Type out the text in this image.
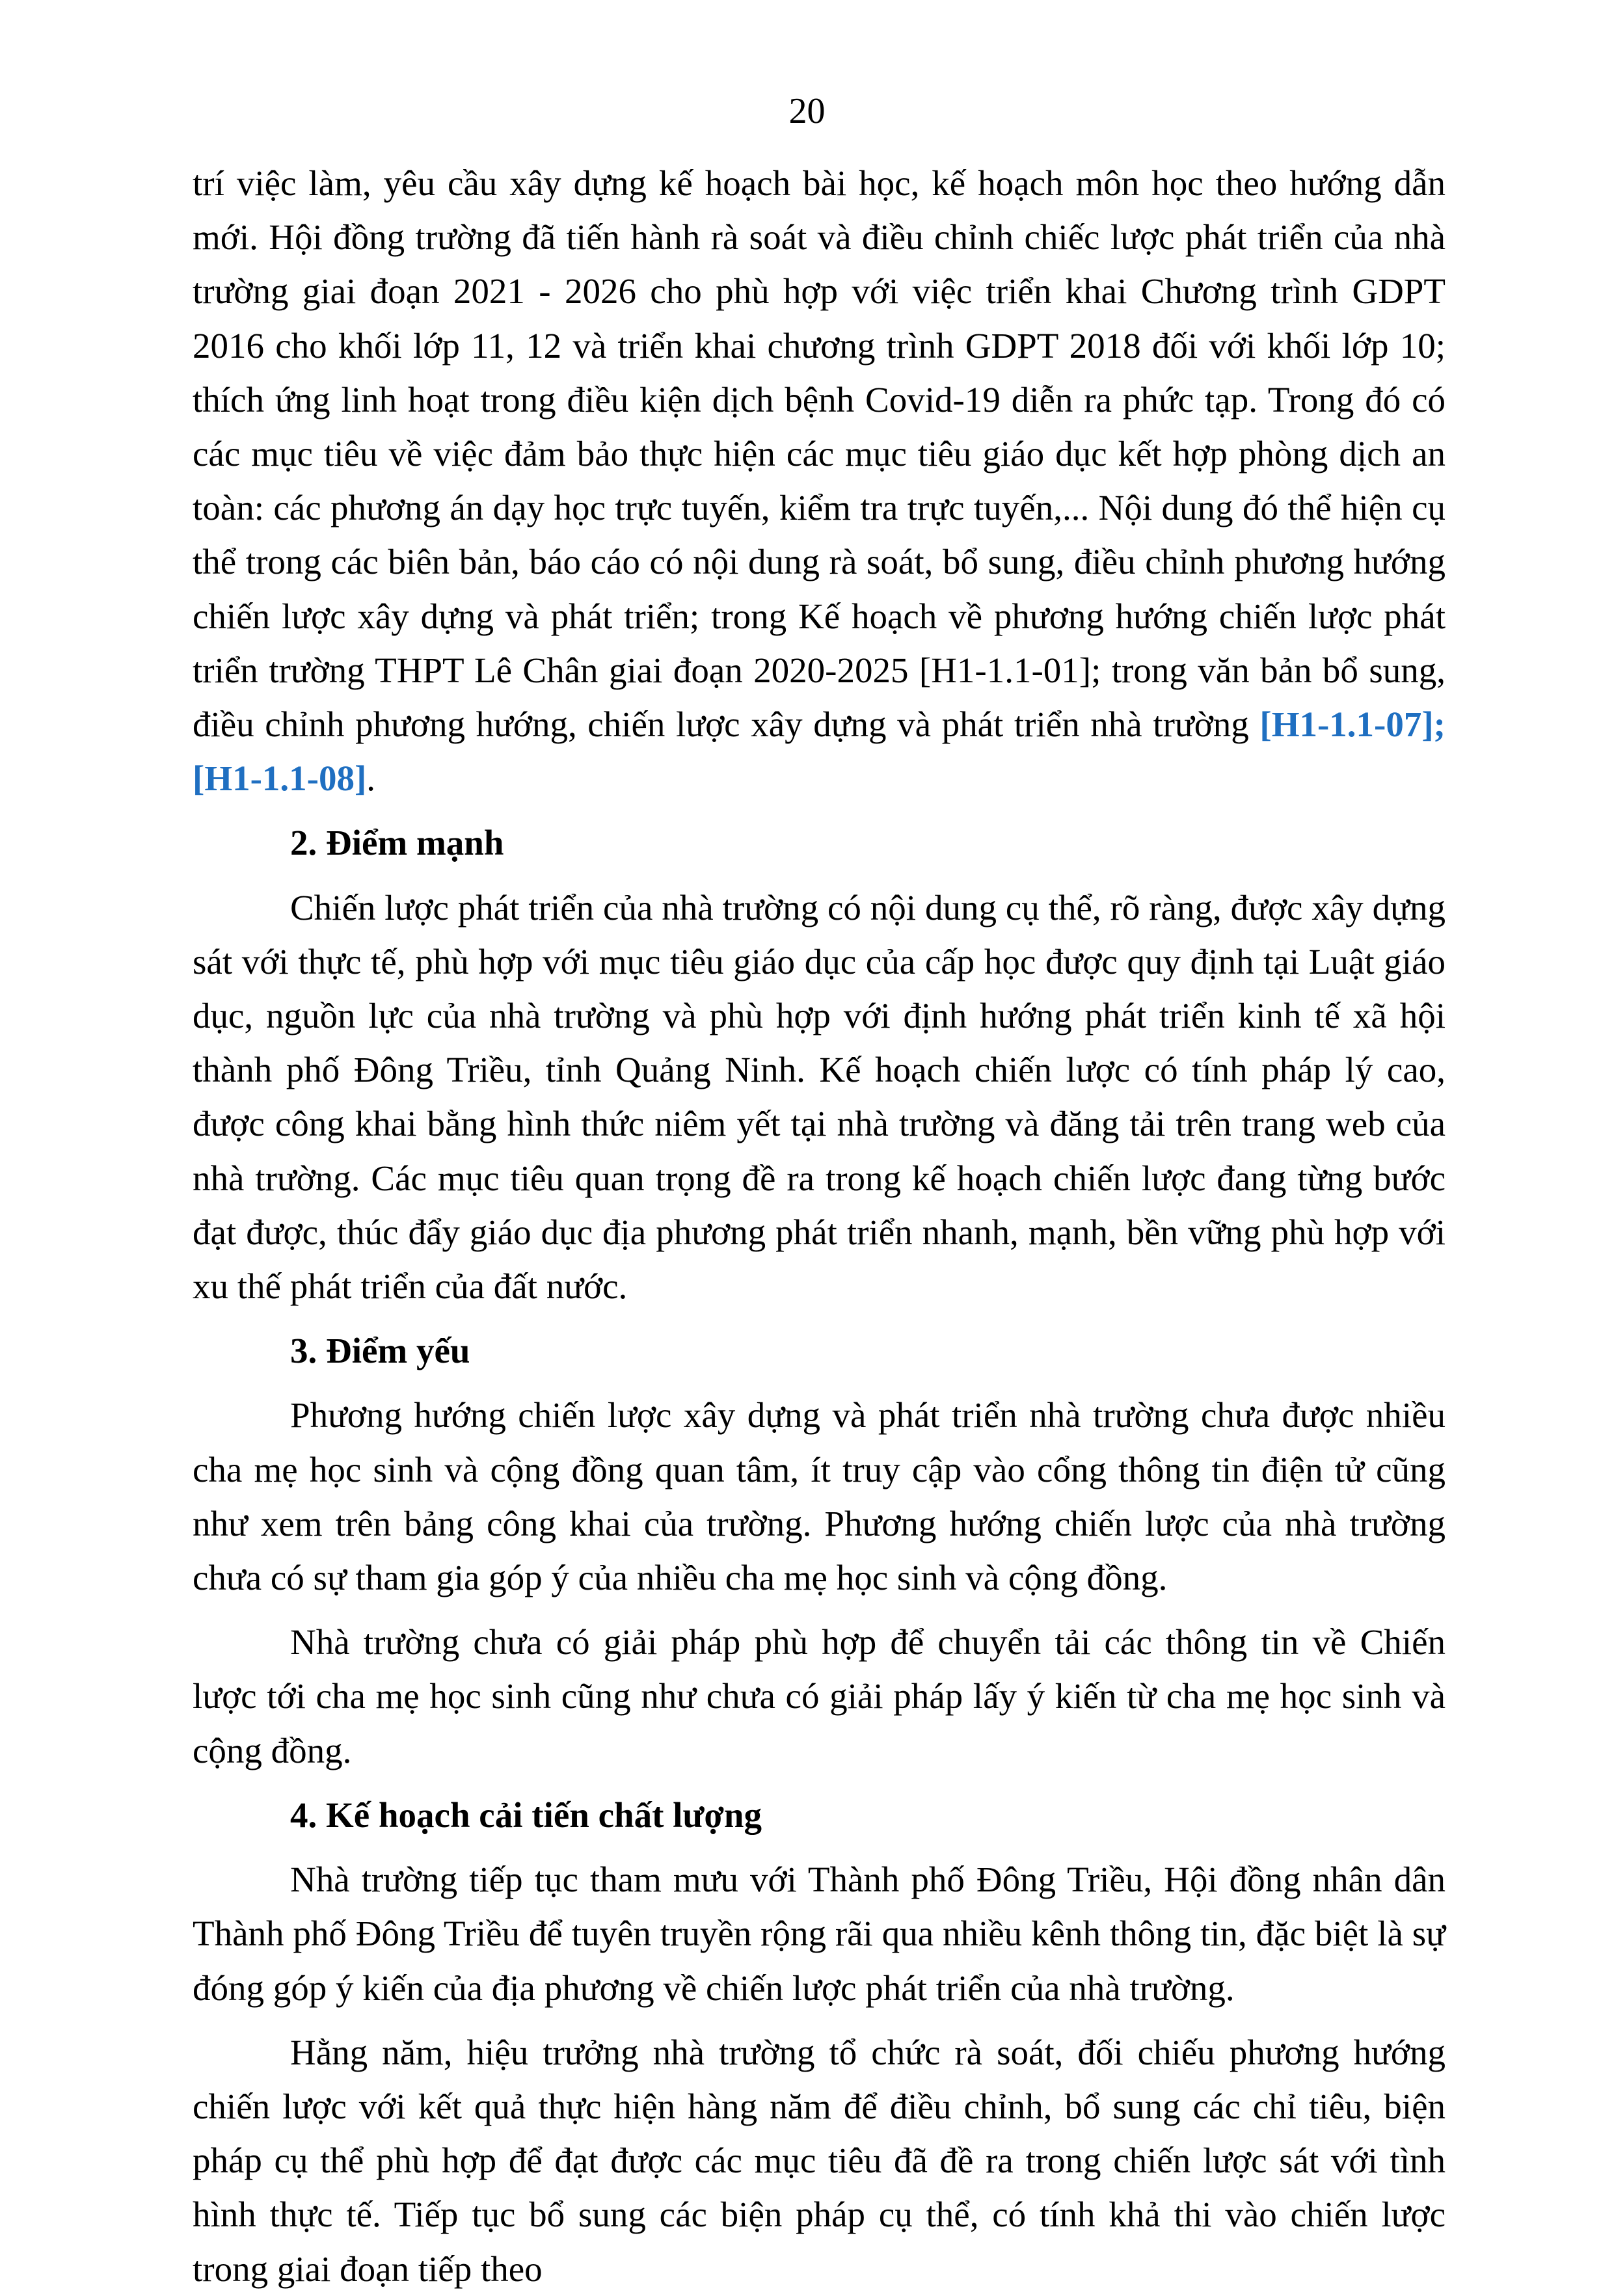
20

trí việc làm, yêu cầu xây dựng kế hoạch bài học, kế hoạch môn học theo hướng dẫn mới. Hội đồng trường đã tiến hành rà soát và điều chỉnh chiếc lược phát triển của nhà trường giai đoạn 2021 - 2026 cho phù hợp với việc triển khai Chương trình GDPT 2016 cho khối lớp 11, 12 và triển khai chương trình GDPT 2018 đối với khối lớp 10; thích ứng linh hoạt trong điều kiện dịch bệnh Covid-19 diễn ra phức tạp. Trong đó có các mục tiêu về việc đảm bảo thực hiện các mục tiêu giáo dục kết hợp phòng dịch an toàn: các phương án dạy học trực tuyến, kiểm tra trực tuyến,... Nội dung đó thể hiện cụ thể trong các biên bản, báo cáo có nội dung rà soát, bổ sung, điều chỉnh phương hướng chiến lược xây dựng và phát triển; trong Kế hoạch về phương hướng chiến lược phát triển trường THPT Lê Chân giai đoạn 2020-2025 [H1-1.1-01]; trong văn bản bổ sung, điều chỉnh phương hướng, chiến lược xây dựng và phát triển nhà trường [H1-1.1-07]; [H1-1.1-08].

2. Điểm mạnh

Chiến lược phát triển của nhà trường có nội dung cụ thể, rõ ràng, được xây dựng sát với thực tế, phù hợp với mục tiêu giáo dục của cấp học được quy định tại Luật giáo dục, nguồn lực của nhà trường và phù hợp với định hướng phát triển kinh tế xã hội thành phố Đông Triều, tỉnh Quảng Ninh. Kế hoạch chiến lược có tính pháp lý cao, được công khai bằng hình thức niêm yết tại nhà trường và đăng tải trên trang web của nhà trường. Các mục tiêu quan trọng đề ra trong kế hoạch chiến lược đang từng bước đạt được, thúc đẩy giáo dục địa phương phát triển nhanh, mạnh, bền vững phù hợp với xu thế phát triển của đất nước.

3. Điểm yếu

Phương hướng chiến lược xây dựng và phát triển nhà trường chưa được nhiều cha mẹ học sinh và cộng đồng quan tâm, ít truy cập vào cổng thông tin điện tử cũng như xem trên bảng công khai của trường. Phương hướng chiến lược của nhà trường chưa có sự tham gia góp ý của nhiều cha mẹ học sinh và cộng đồng.

Nhà trường chưa có giải pháp phù hợp để chuyển tải các thông tin về Chiến lược tới cha mẹ học sinh cũng như chưa có giải pháp lấy ý kiến từ cha mẹ học sinh và cộng đồng.

4. Kế hoạch cải tiến chất lượng

Nhà trường tiếp tục tham mưu với Thành phố Đông Triều, Hội đồng nhân dân Thành phố Đông Triều để tuyên truyền rộng rãi qua nhiều kênh thông tin, đặc biệt là sự đóng góp ý kiến của địa phương về chiến lược phát triển của nhà trường.

Hằng năm, hiệu trưởng nhà trường tổ chức rà soát, đối chiếu phương hướng chiến lược với kết quả thực hiện hàng năm để điều chỉnh, bổ sung các chỉ tiêu, biện pháp cụ thể phù hợp để đạt được các mục tiêu đã đề ra trong chiến lược sát với tình hình thực tế. Tiếp tục bổ sung các biện pháp cụ thể, có tính khả thi vào chiến lược trong giai đoạn tiếp theo
